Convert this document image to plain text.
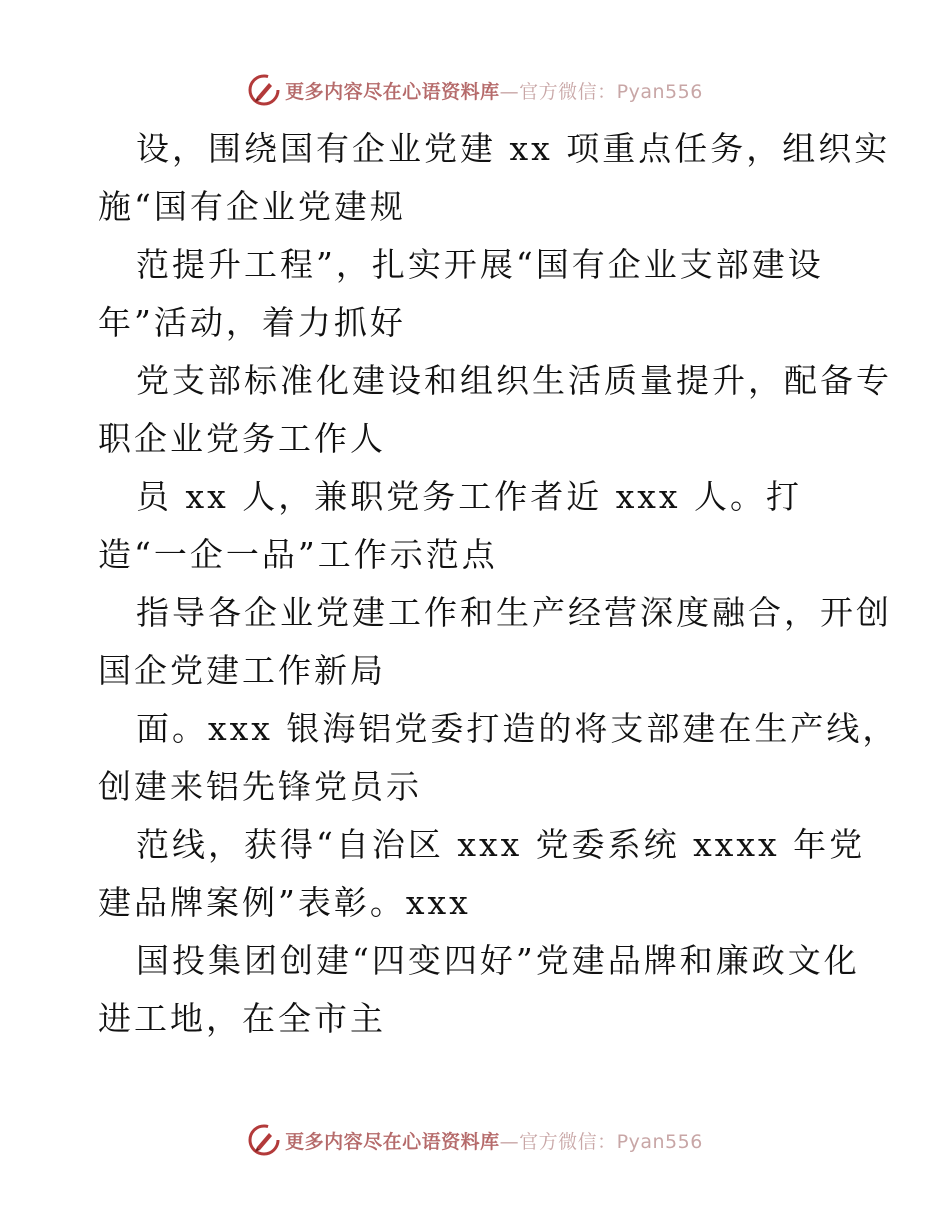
更多内容尽在心语资料库—官方微信：Pyan556
设，围绕国有企业党建 xx 项重点任务，组织实
施“国有企业党建规
范提升工程”，扎实开展“国有企业支部建设
年”活动，着力抓好
党支部标准化建设和组织生活质量提升，配备专
职企业党务工作人
员 xx 人，兼职党务工作者近 xxx 人。打
造“一企一品”工作示范点
指导各企业党建工作和生产经营深度融合，开创
国企党建工作新局
面。xxx 银海铝党委打造的将支部建在生产线，
创建来铝先锋党员示
范线，获得“自治区 xxx 党委系统 xxxx 年党
建品牌案例”表彰。xxx
国投集团创建“四变四好”党建品牌和廉政文化
进工地，在全市主
更多内容尽在心语资料库—官方微信：Pyan556
